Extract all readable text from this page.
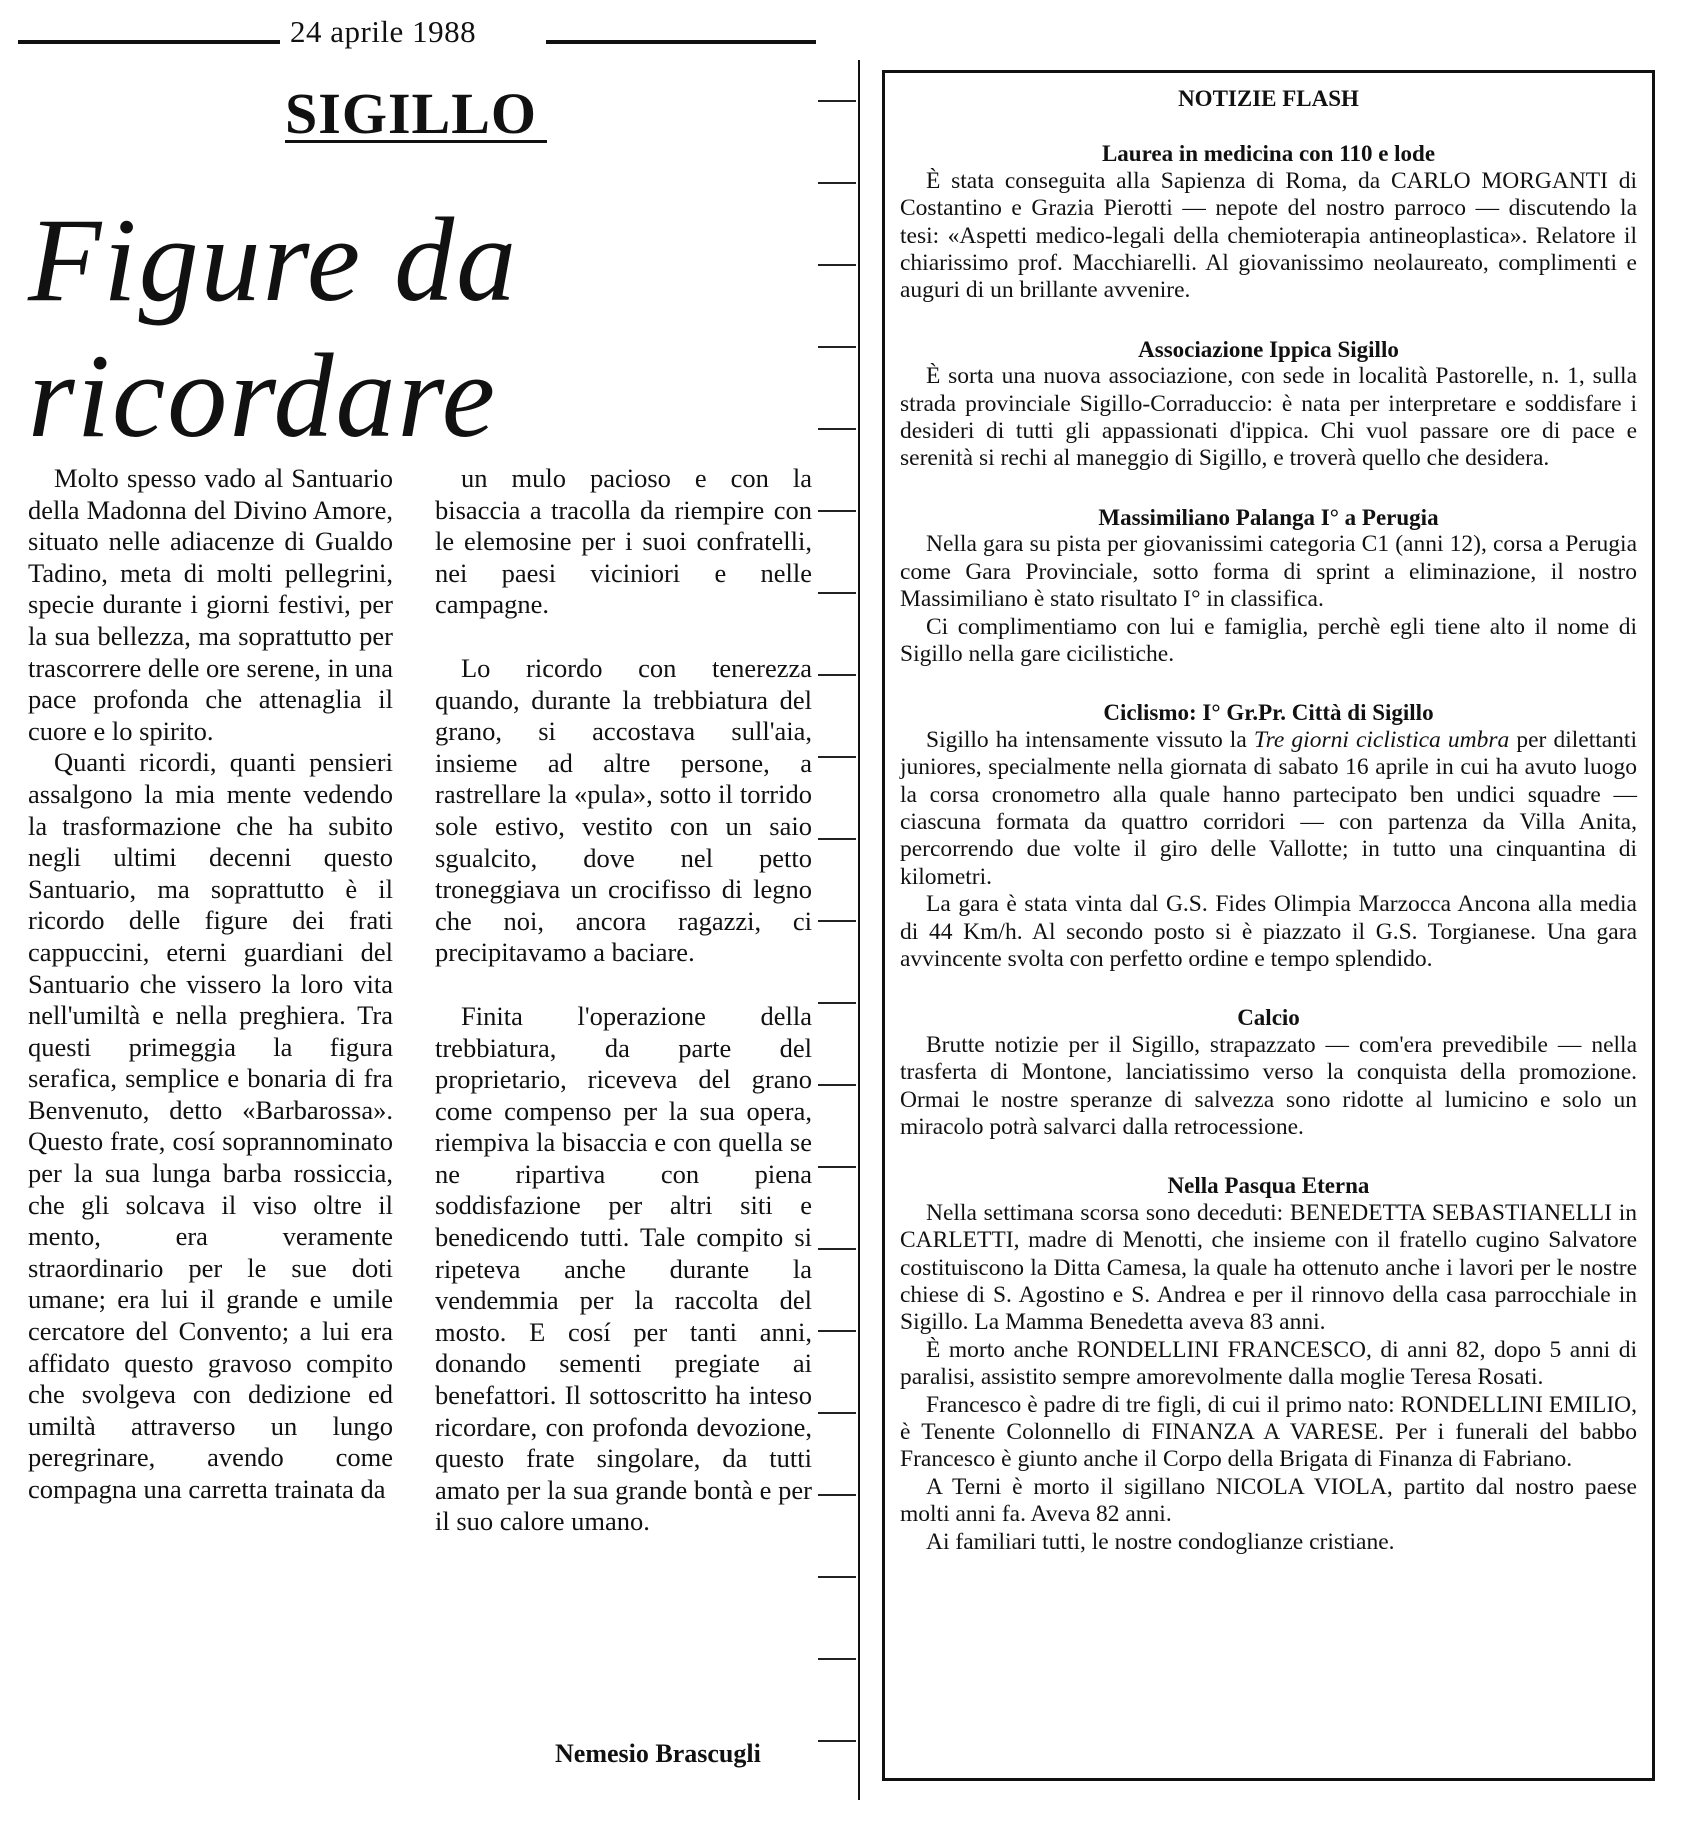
24 aprile 1988
SIGILLO
Figure da
ricordare

Molto spesso vado al Santuario della Madonna del Divino Amore, situato nelle adiacenze di Gualdo Tadino, meta di molti pellegrini, specie durante i giorni festivi, per la sua bellezza, ma soprattutto per trascorrere delle ore serene, in una pace profonda che attenaglia il cuore e lo spirito.

Quanti ricordi, quanti pensieri assalgono la mia mente vedendo la trasformazione che ha subito negli ultimi decenni questo Santuario, ma soprattutto è il ricordo delle figure dei frati cappuccini, eterni guardiani del Santuario che vissero la loro vita nell'umiltà e nella preghiera. Tra questi primeggia la figura serafica, semplice e bonaria di fra Benvenuto, detto «Barbarossa». Questo frate, cosí soprannominato per la sua lunga barba rossiccia, che gli solcava il viso oltre il mento, era veramente straordinario per le sue doti umane; era lui il grande e umile cercatore del Convento; a lui era affidato questo gravoso compito che svolgeva con dedizione ed umiltà attraverso un lungo peregrinare, avendo come compagna una carretta trainata da

un mulo pacioso e con la bisaccia a tracolla da riempire con le elemosine per i suoi confratelli, nei paesi viciniori e nelle campagne.

Lo ricordo con tenerezza quando, durante la trebbiatura del grano, si accostava sull'aia, insieme ad altre persone, a rastrellare la «pula», sotto il torrido sole estivo, vestito con un saio sgualcito, dove nel petto troneggiava un crocifisso di legno che noi, ancora ragazzi, ci precipitavamo a baciare.

Finita l'operazione della trebbiatura, da parte del proprietario, riceveva del grano come compenso per la sua opera, riempiva la bisaccia e con quella se ne ripartiva con piena soddisfazione per altri siti e benedicendo tutti. Tale compito si ripeteva anche durante la vendemmia per la raccolta del mosto. E cosí per tanti anni, donando sementi pregiate ai benefattori. Il sottoscritto ha inteso ricordare, con profonda devozione, questo frate singolare, da tutti amato per la sua grande bontà e per il suo calore umano.

Nemesio Brascugli
NOTIZIE FLASH
Laurea in medicina con 110 e lode

È stata conseguita alla Sapienza di Roma, da CARLO MORGANTI di Costantino e Grazia Pierotti — nepote del nostro parroco — discutendo la tesi: «Aspetti medico-legali della chemioterapia antineoplastica». Relatore il chiarissimo prof. Macchiarelli. Al giovanissimo neolaureato, complimenti e auguri di un brillante avvenire.

Associazione Ippica Sigillo

È sorta una nuova associazione, con sede in località Pastorelle, n. 1, sulla strada provinciale Sigillo-Corraduccio: è nata per interpretare e soddisfare i desideri di tutti gli appassionati d'ippica. Chi vuol passare ore di pace e serenità si rechi al maneggio di Sigillo, e troverà quello che desidera.

Massimiliano Palanga I° a Perugia

Nella gara su pista per giovanissimi categoria C1 (anni 12), corsa a Perugia come Gara Provinciale, sotto forma di sprint a eliminazione, il nostro Massimiliano è stato risultato I° in classifica.

Ci complimentiamo con lui e famiglia, perchè egli tiene alto il nome di Sigillo nella gare cicilistiche.

Ciclismo: I° Gr.Pr. Città di Sigillo

Sigillo ha intensamente vissuto la Tre giorni ciclistica umbra per dilettanti juniores, specialmente nella giornata di sabato 16 aprile in cui ha avuto luogo la corsa cronometro alla quale hanno partecipato ben undici squadre — ciascuna formata da quattro corridori — con partenza da Villa Anita, percorrendo due volte il giro delle Vallotte; in tutto una cinquantina di kilometri.

La gara è stata vinta dal G.S. Fides Olimpia Marzocca Ancona alla media di 44 Km/h. Al secondo posto si è piazzato il G.S. Torgianese. Una gara avvincente svolta con perfetto ordine e tempo splendido.

Calcio

Brutte notizie per il Sigillo, strapazzato — com'era prevedibile — nella trasferta di Montone, lanciatissimo verso la conquista della promozione. Ormai le nostre speranze di salvezza sono ridotte al lumicino e solo un miracolo potrà salvarci dalla retrocessione.

Nella Pasqua Eterna

Nella settimana scorsa sono deceduti: BENEDETTA SEBASTIANELLI in CARLETTI, madre di Menotti, che insieme con il fratello cugino Salvatore costituiscono la Ditta Camesa, la quale ha ottenuto anche i lavori per le nostre chiese di S. Agostino e S. Andrea e per il rinnovo della casa parrocchiale in Sigillo. La Mamma Benedetta aveva 83 anni.

È morto anche RONDELLINI FRANCESCO, di anni 82, dopo 5 anni di paralisi, assistito sempre amorevolmente dalla moglie Teresa Rosati.

Francesco è padre di tre figli, di cui il primo nato: RONDELLINI EMILIO, è Tenente Colonnello di FINANZA A VARESE. Per i funerali del babbo Francesco è giunto anche il Corpo della Brigata di Finanza di Fabriano.

A Terni è morto il sigillano NICOLA VIOLA, partito dal nostro paese molti anni fa. Aveva 82 anni.

Ai familiari tutti, le nostre condoglianze cristiane.
